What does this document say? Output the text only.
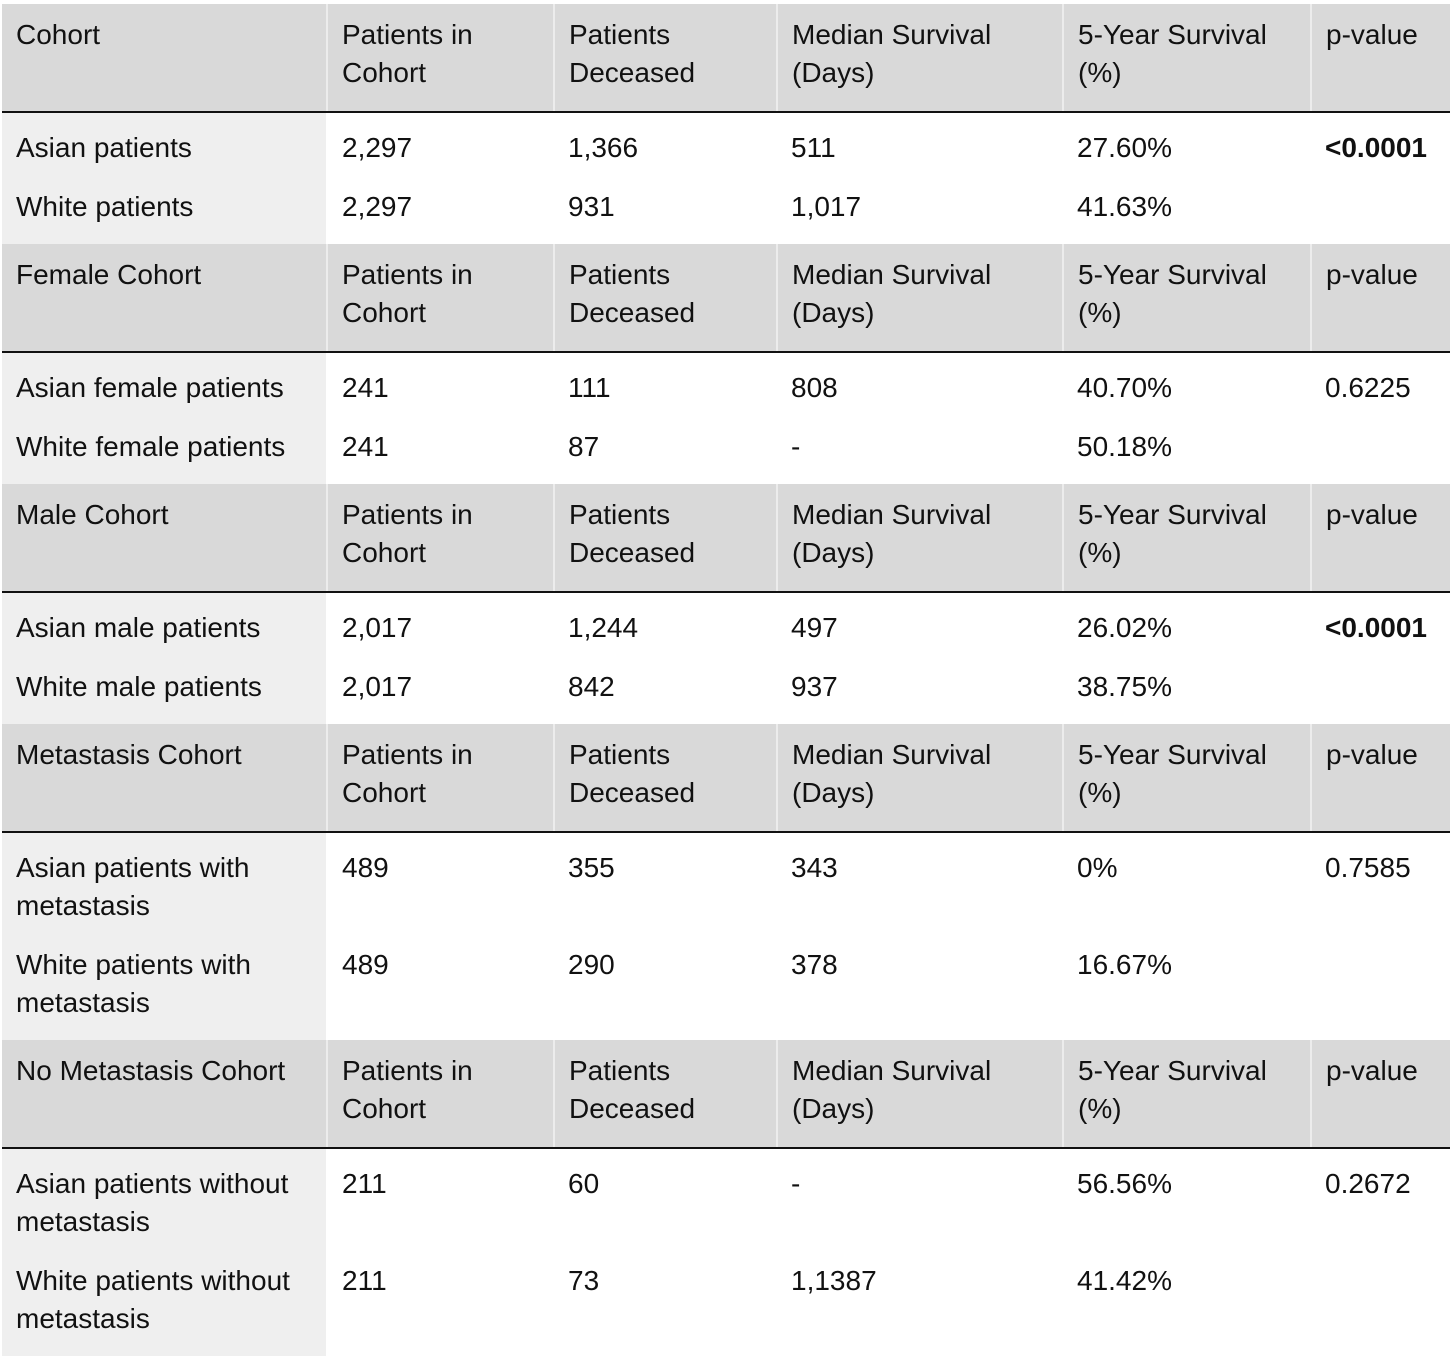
Cohort	Patients in Cohort	Patients Deceased	Median Survival (Days)	5-Year Survival (%)	p-value
Asian patients	2,297	1,366	511	27.60%	<0.0001
White patients	2,297	931	1,017	41.63%	
Female Cohort	Patients in Cohort	Patients Deceased	Median Survival (Days)	5-Year Survival (%)	p-value
Asian female patients	241	111	808	40.70%	0.6225
White female patients	241	87	-	50.18%	
Male Cohort	Patients in Cohort	Patients Deceased	Median Survival (Days)	5-Year Survival (%)	p-value
Asian male patients	2,017	1,244	497	26.02%	<0.0001
White male patients	2,017	842	937	38.75%	
Metastasis Cohort	Patients in Cohort	Patients Deceased	Median Survival (Days)	5-Year Survival (%)	p-value
Asian patients with metastasis	489	355	343	0%	0.7585
White patients with metastasis	489	290	378	16.67%	
No Metastasis Cohort	Patients in Cohort	Patients Deceased	Median Survival (Days)	5-Year Survival (%)	p-value
Asian patients without metastasis	211	60	-	56.56%	0.2672
White patients without metastasis	211	73	1,1387	41.42%	
